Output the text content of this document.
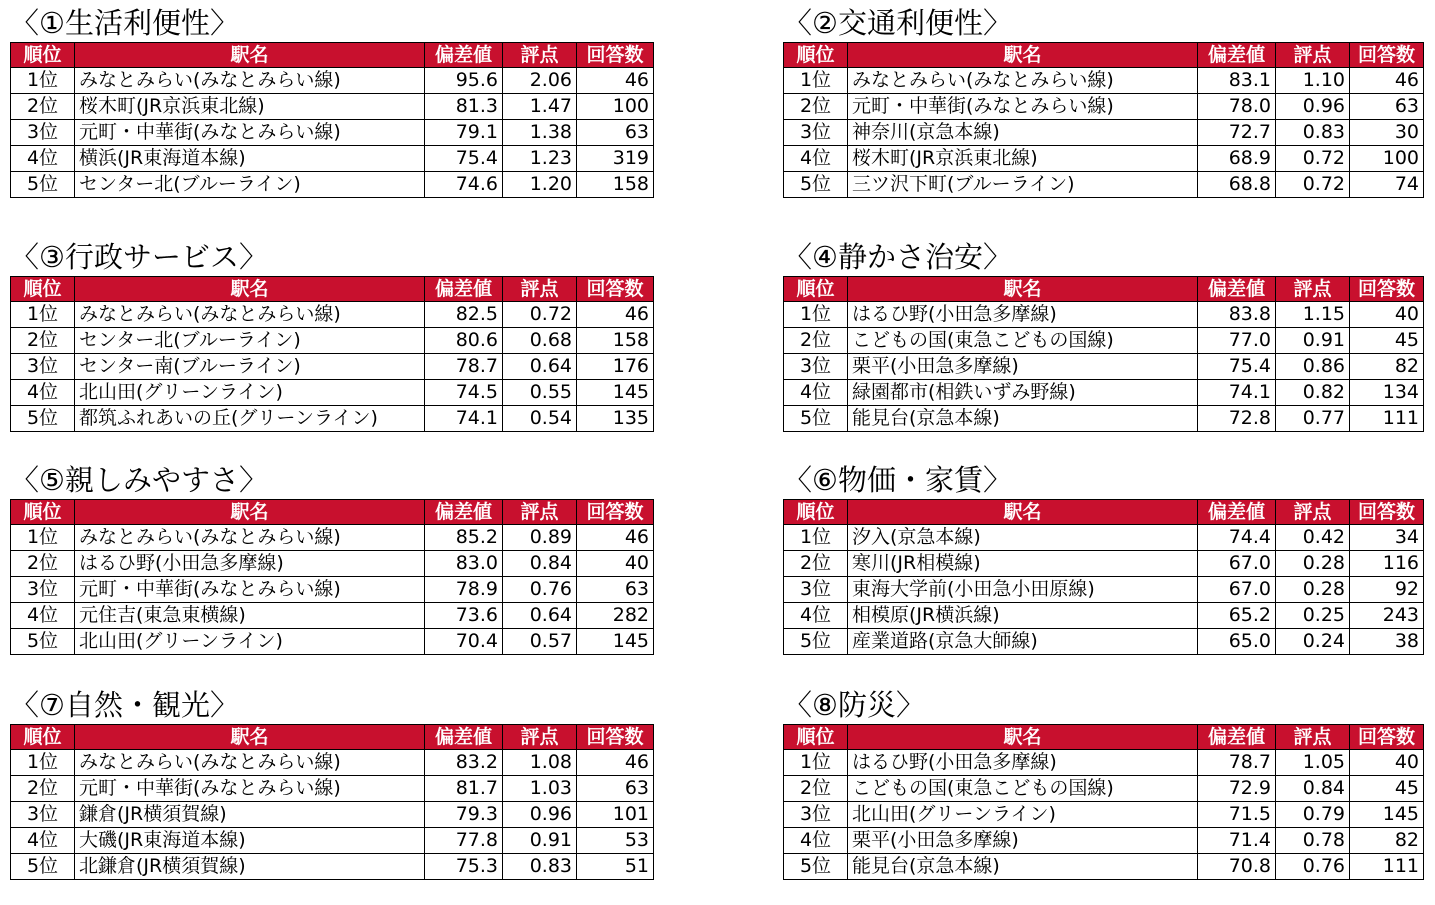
〈①生活利便性〉
順位	駅名	偏差値	評点	回答数
1位	みなとみらい(みなとみらい線)	95.6	2.06	46
2位	桜木町(JR京浜東北線)	81.3	1.47	100
3位	元町・中華街(みなとみらい線)	79.1	1.38	63
4位	横浜(JR東海道本線)	75.4	1.23	319
5位	センター北(ブルーライン)	74.6	1.20	158
〈②交通利便性〉
順位	駅名	偏差値	評点	回答数
1位	みなとみらい(みなとみらい線)	83.1	1.10	46
2位	元町・中華街(みなとみらい線)	78.0	0.96	63
3位	神奈川(京急本線)	72.7	0.83	30
4位	桜木町(JR京浜東北線)	68.9	0.72	100
5位	三ツ沢下町(ブルーライン)	68.8	0.72	74
〈③行政サービス〉
順位	駅名	偏差値	評点	回答数
1位	みなとみらい(みなとみらい線)	82.5	0.72	46
2位	センター北(ブルーライン)	80.6	0.68	158
3位	センター南(ブルーライン)	78.7	0.64	176
4位	北山田(グリーンライン)	74.5	0.55	145
5位	都筑ふれあいの丘(グリーンライン)	74.1	0.54	135
〈④静かさ治安〉
順位	駅名	偏差値	評点	回答数
1位	はるひ野(小田急多摩線)	83.8	1.15	40
2位	こどもの国(東急こどもの国線)	77.0	0.91	45
3位	栗平(小田急多摩線)	75.4	0.86	82
4位	緑園都市(相鉄いずみ野線)	74.1	0.82	134
5位	能見台(京急本線)	72.8	0.77	111
〈⑤親しみやすさ〉
順位	駅名	偏差値	評点	回答数
1位	みなとみらい(みなとみらい線)	85.2	0.89	46
2位	はるひ野(小田急多摩線)	83.0	0.84	40
3位	元町・中華街(みなとみらい線)	78.9	0.76	63
4位	元住吉(東急東横線)	73.6	0.64	282
5位	北山田(グリーンライン)	70.4	0.57	145
〈⑥物価・家賃〉
順位	駅名	偏差値	評点	回答数
1位	汐入(京急本線)	74.4	0.42	34
2位	寒川(JR相模線)	67.0	0.28	116
3位	東海大学前(小田急小田原線)	67.0	0.28	92
4位	相模原(JR横浜線)	65.2	0.25	243
5位	産業道路(京急大師線)	65.0	0.24	38
〈⑦自然・観光〉
順位	駅名	偏差値	評点	回答数
1位	みなとみらい(みなとみらい線)	83.2	1.08	46
2位	元町・中華街(みなとみらい線)	81.7	1.03	63
3位	鎌倉(JR横須賀線)	79.3	0.96	101
4位	大磯(JR東海道本線)	77.8	0.91	53
5位	北鎌倉(JR横須賀線)	75.3	0.83	51
〈⑧防災〉
順位	駅名	偏差値	評点	回答数
1位	はるひ野(小田急多摩線)	78.7	1.05	40
2位	こどもの国(東急こどもの国線)	72.9	0.84	45
3位	北山田(グリーンライン)	71.5	0.79	145
4位	栗平(小田急多摩線)	71.4	0.78	82
5位	能見台(京急本線)	70.8	0.76	111
